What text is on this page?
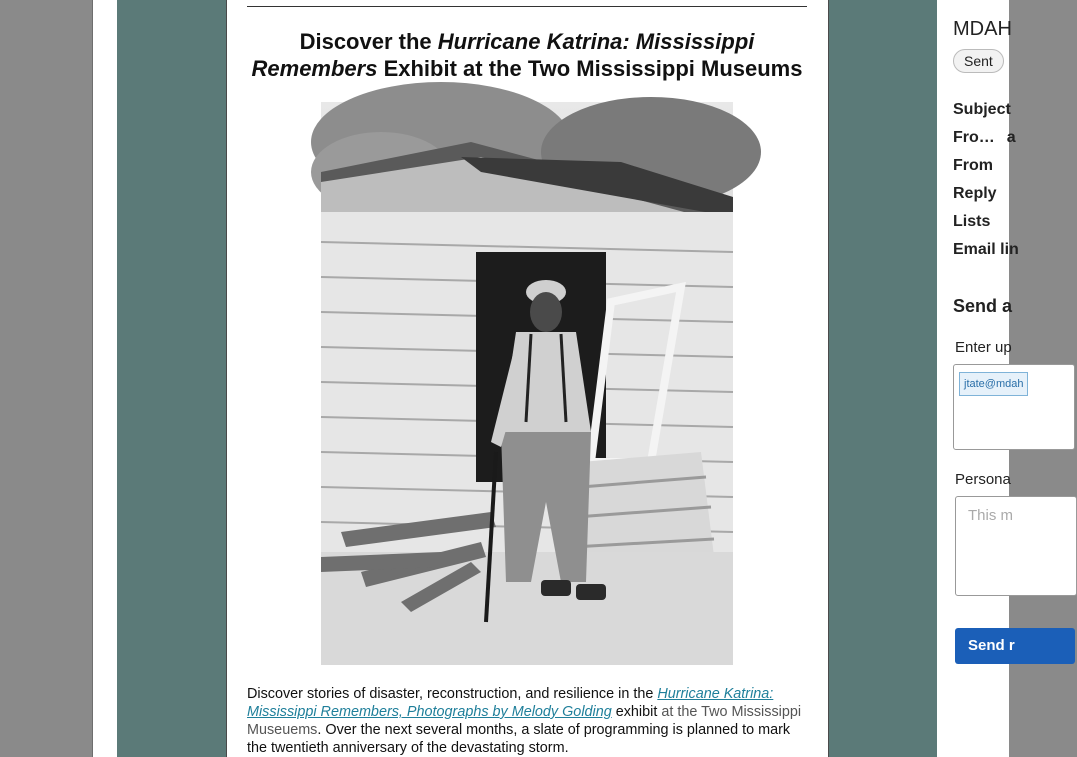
Discover the Hurricane Katrina: Mississippi Remembers Exhibit at the Two Mississippi Museums

Discover stories of disaster, reconstruction, and resilience in the Hurricane Katrina: Mississippi Remembers, Photographs by Melody Golding exhibit at the Two Mississippi Museuems. Over the next several months, a slate of programming is planned to mark the twentieth anniversary of the devastating storm.

MDAH
Sent
Subject
Fro… a
From
Reply
Lists
Email lin
Send a
Enter up
jtate@mdah
Persona
This m
Send r
